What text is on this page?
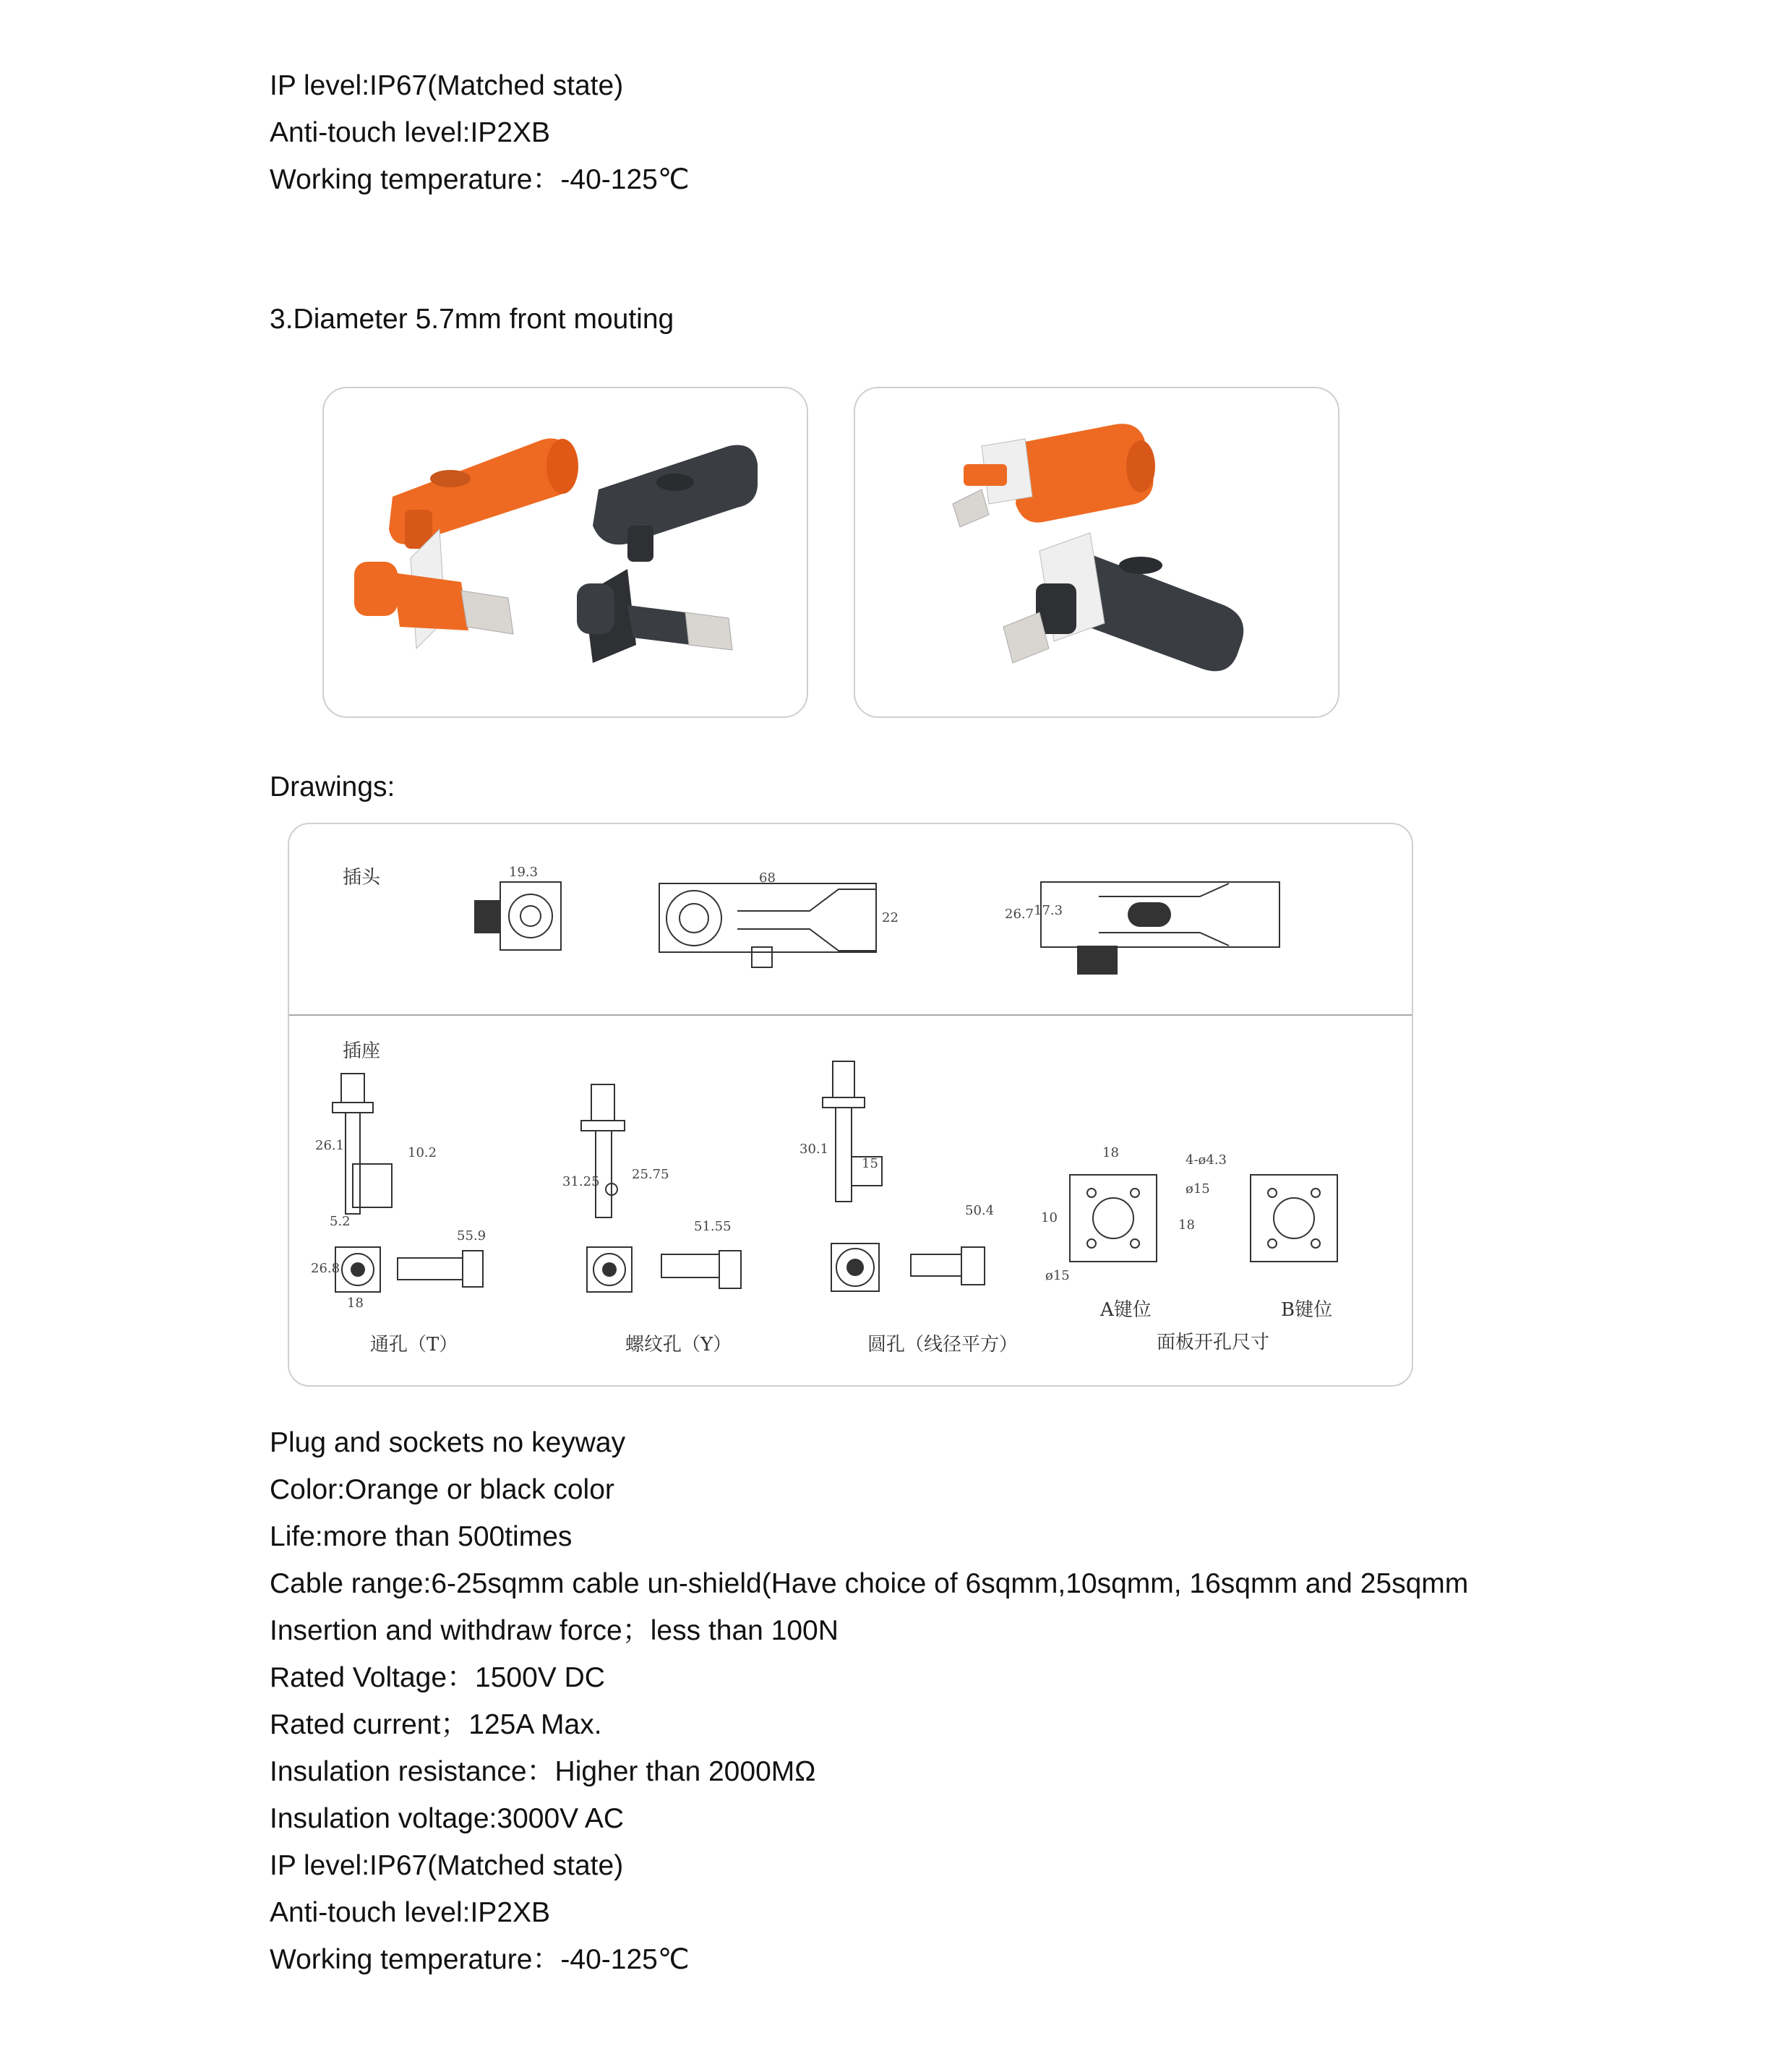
IP level:IP67(Matched state)
Anti-touch level:IP2XB
Working temperature：-40-125℃
3.Diameter 5.7mm front mouting
Drawings:
插头	19.3	68
22	26.7 17.3
插座
26.1	10.2
5.2
26.8
18
55.9
通孔（T）
31.25 25.75
51.55
螺纹孔（Y）
30.1
15
50.4
圆孔（线径平方）
18	4-ø4.3
ø15
10	18
ø15
A键位	B键位
面板开孔尺寸
Plug and sockets no keyway
Color:Orange or black color
Life:more than 500times
Cable range:6-25sqmm cable un-shield(Have choice of 6sqmm,10sqmm, 16sqmm and 25sqmm
Insertion and withdraw force；less than 100N
Rated Voltage：1500V DC
Rated current；125A Max.
Insulation resistance：Higher than 2000MΩ
Insulation voltage:3000V AC
IP level:IP67(Matched state)
Anti-touch level:IP2XB
Working temperature：-40-125℃
